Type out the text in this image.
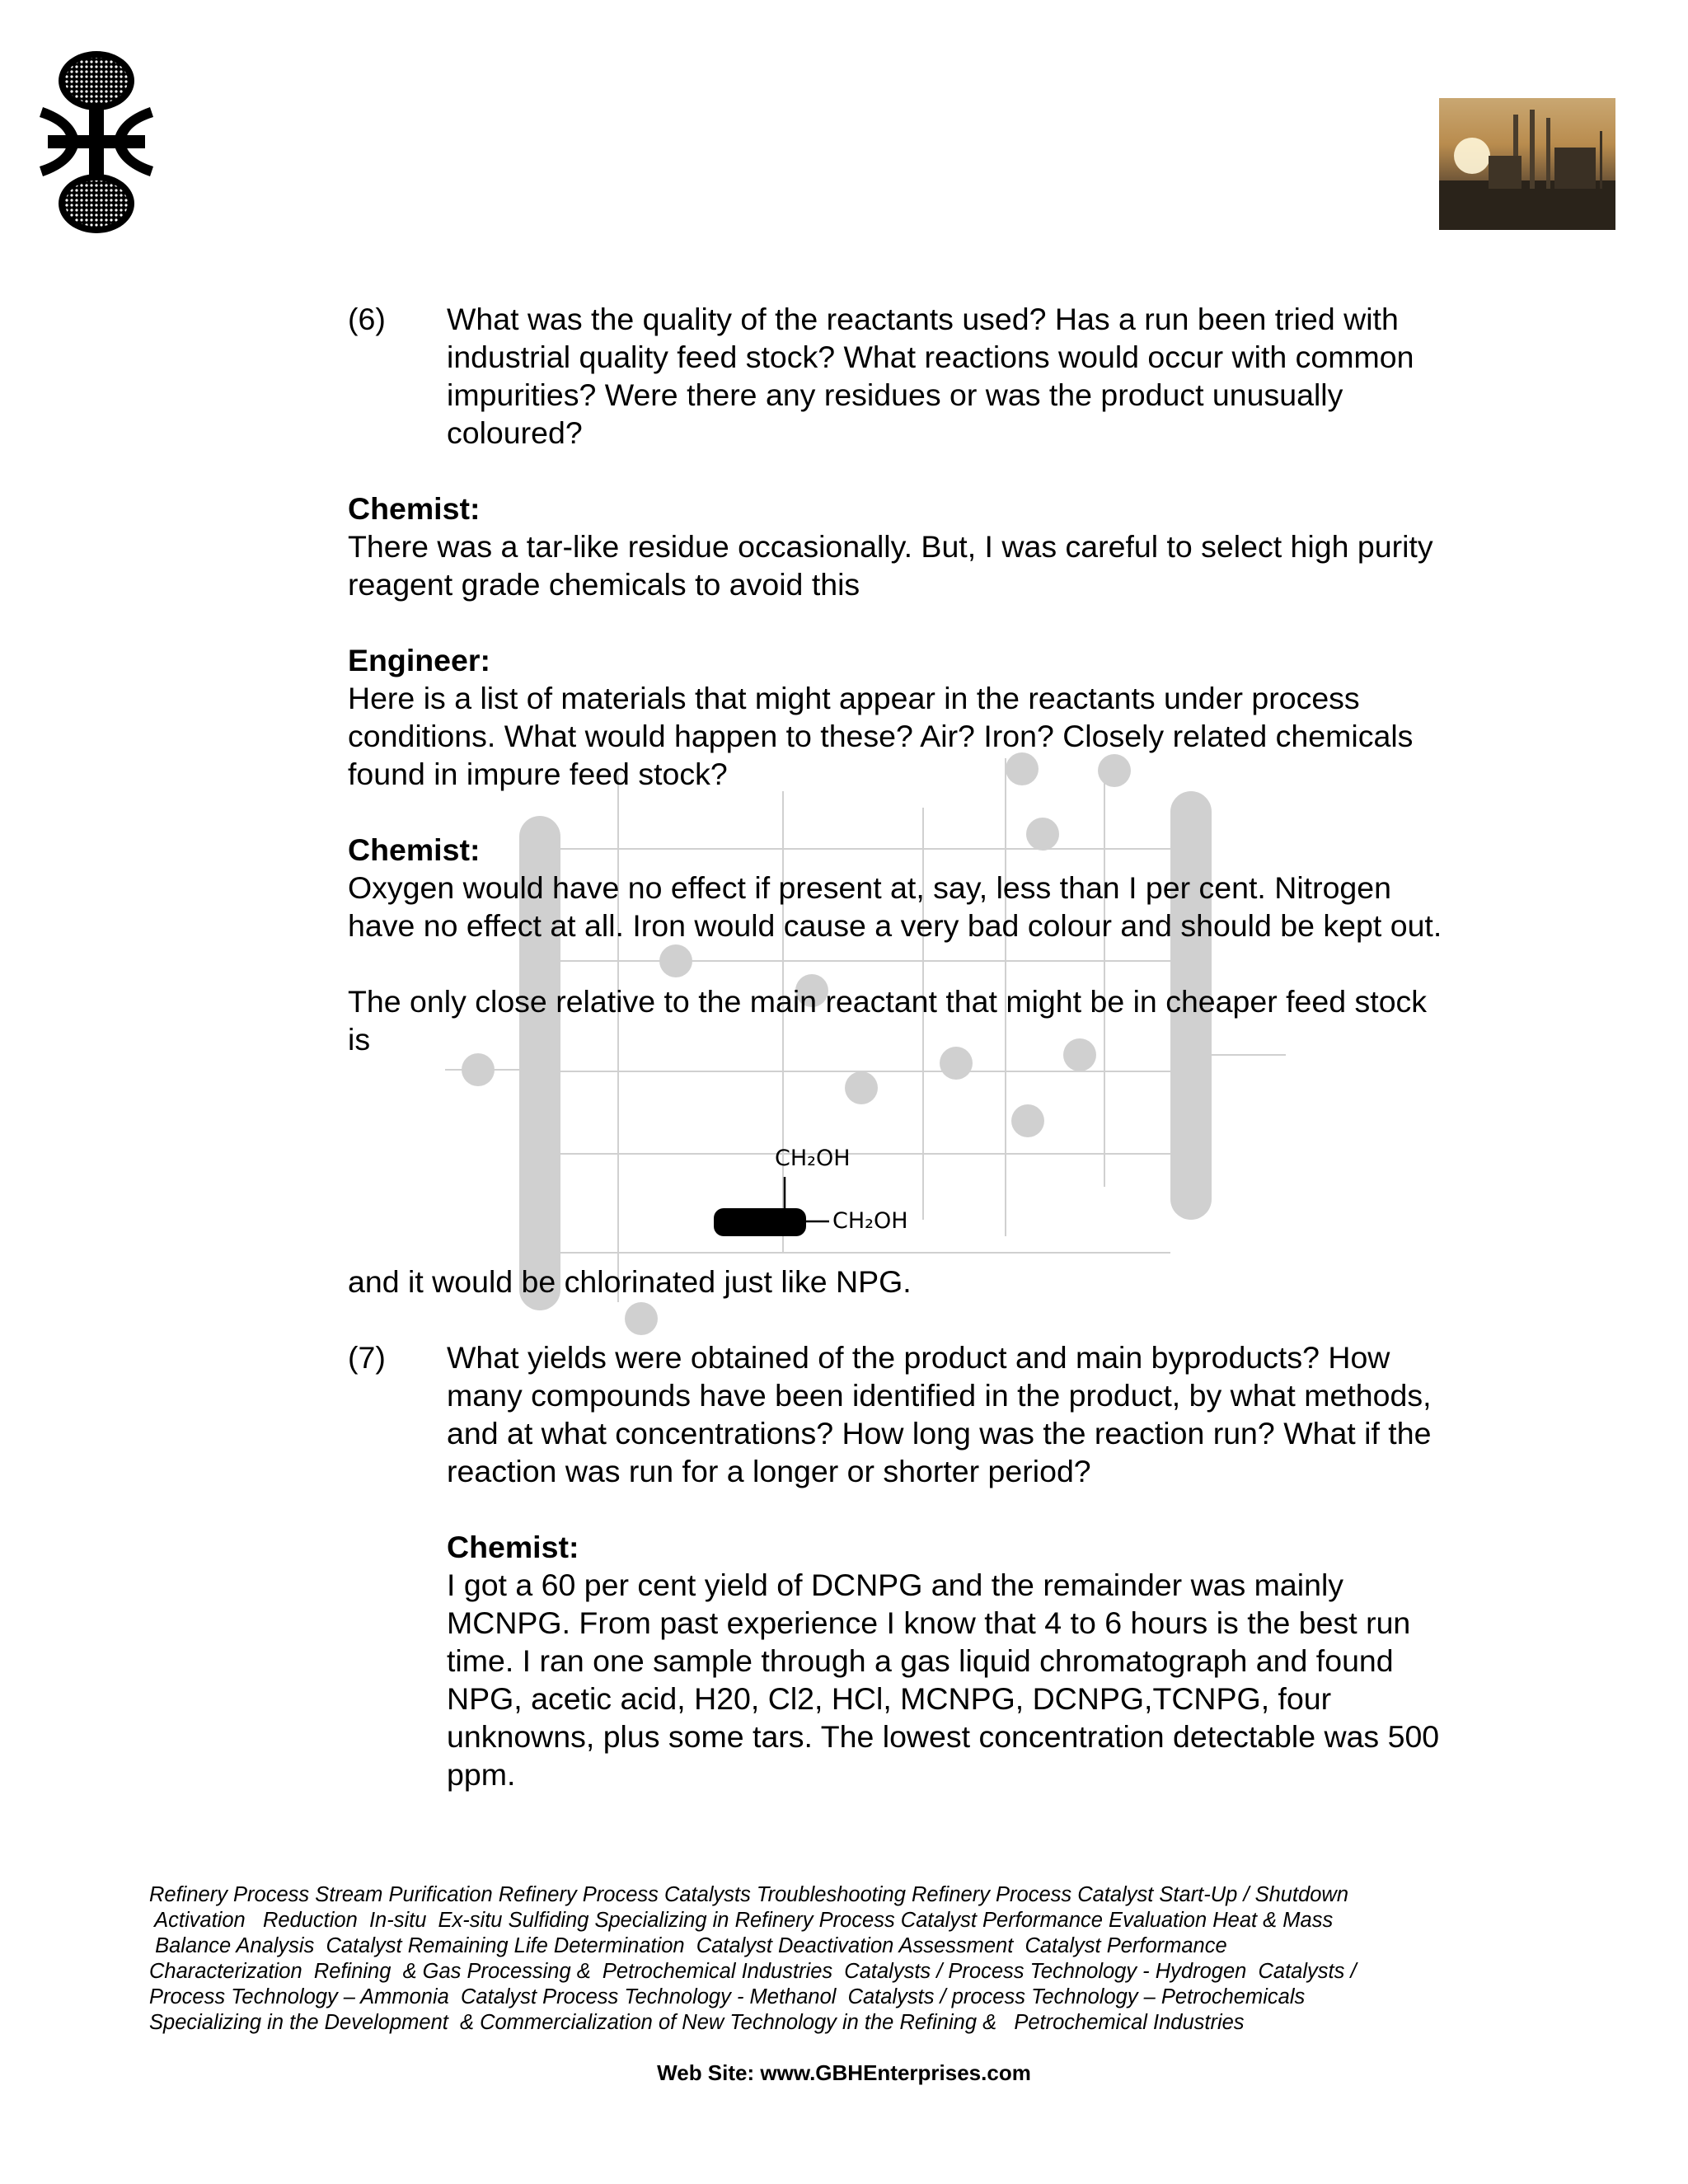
(6) What was the quality of the reactants used? Has a run been tried with industrial quality feed stock? What reactions would occur with common impurities? Were there any residues or was the product unusually coloured?

Chemist:

There was a tar-like residue occasionally. But, I was careful to select high purity reagent grade chemicals to avoid this

Engineer:

Here is a list of materials that might appear in the reactants under process conditions. What would happen to these? Air? Iron? Closely related chemicals found in impure feed stock?

Chemist:

Oxygen would have no effect if present at, say, less than I per cent. Nitrogen have no effect at all. Iron would cause a very bad colour and should be kept out.

The only close relative to the main reactant that might be in cheaper feed stock is

CH₂OH
CH₂OH
and it would be chlorinated just like NPG.
(7) What yields were obtained of the product and main byproducts? How many compounds have been identified in the product, by what methods, and at what concentrations? How long was the reaction run? What if the reaction was run for a longer or shorter period?

Chemist:

I got a 60 per cent yield of DCNPG and the remainder was mainly MCNPG. From past experience I know that 4 to 6 hours is the best run time. I ran one sample through a gas liquid chromatograph and found NPG, acetic acid, H20, Cl2, HCl, MCNPG, DCNPG,TCNPG, four unknowns, plus some tars. The lowest concentration detectable was 500 ppm.

Refinery Process Stream Purification Refinery Process Catalysts Troubleshooting Refinery Process Catalyst Start-Up / Shutdown
Activation   Reduction  In-situ  Ex-situ Sulfiding Specializing in Refinery Process Catalyst Performance Evaluation Heat & Mass
Balance Analysis  Catalyst Remaining Life Determination  Catalyst Deactivation Assessment  Catalyst Performance
Characterization  Refining  & Gas Processing &  Petrochemical Industries  Catalysts / Process Technology - Hydrogen  Catalysts /
Process Technology – Ammonia  Catalyst Process Technology - Methanol  Catalysts / process Technology – Petrochemicals
Specializing in the Development  & Commercialization of New Technology in the Refining &   Petrochemical Industries
Web Site: www.GBHEnterprises.com
